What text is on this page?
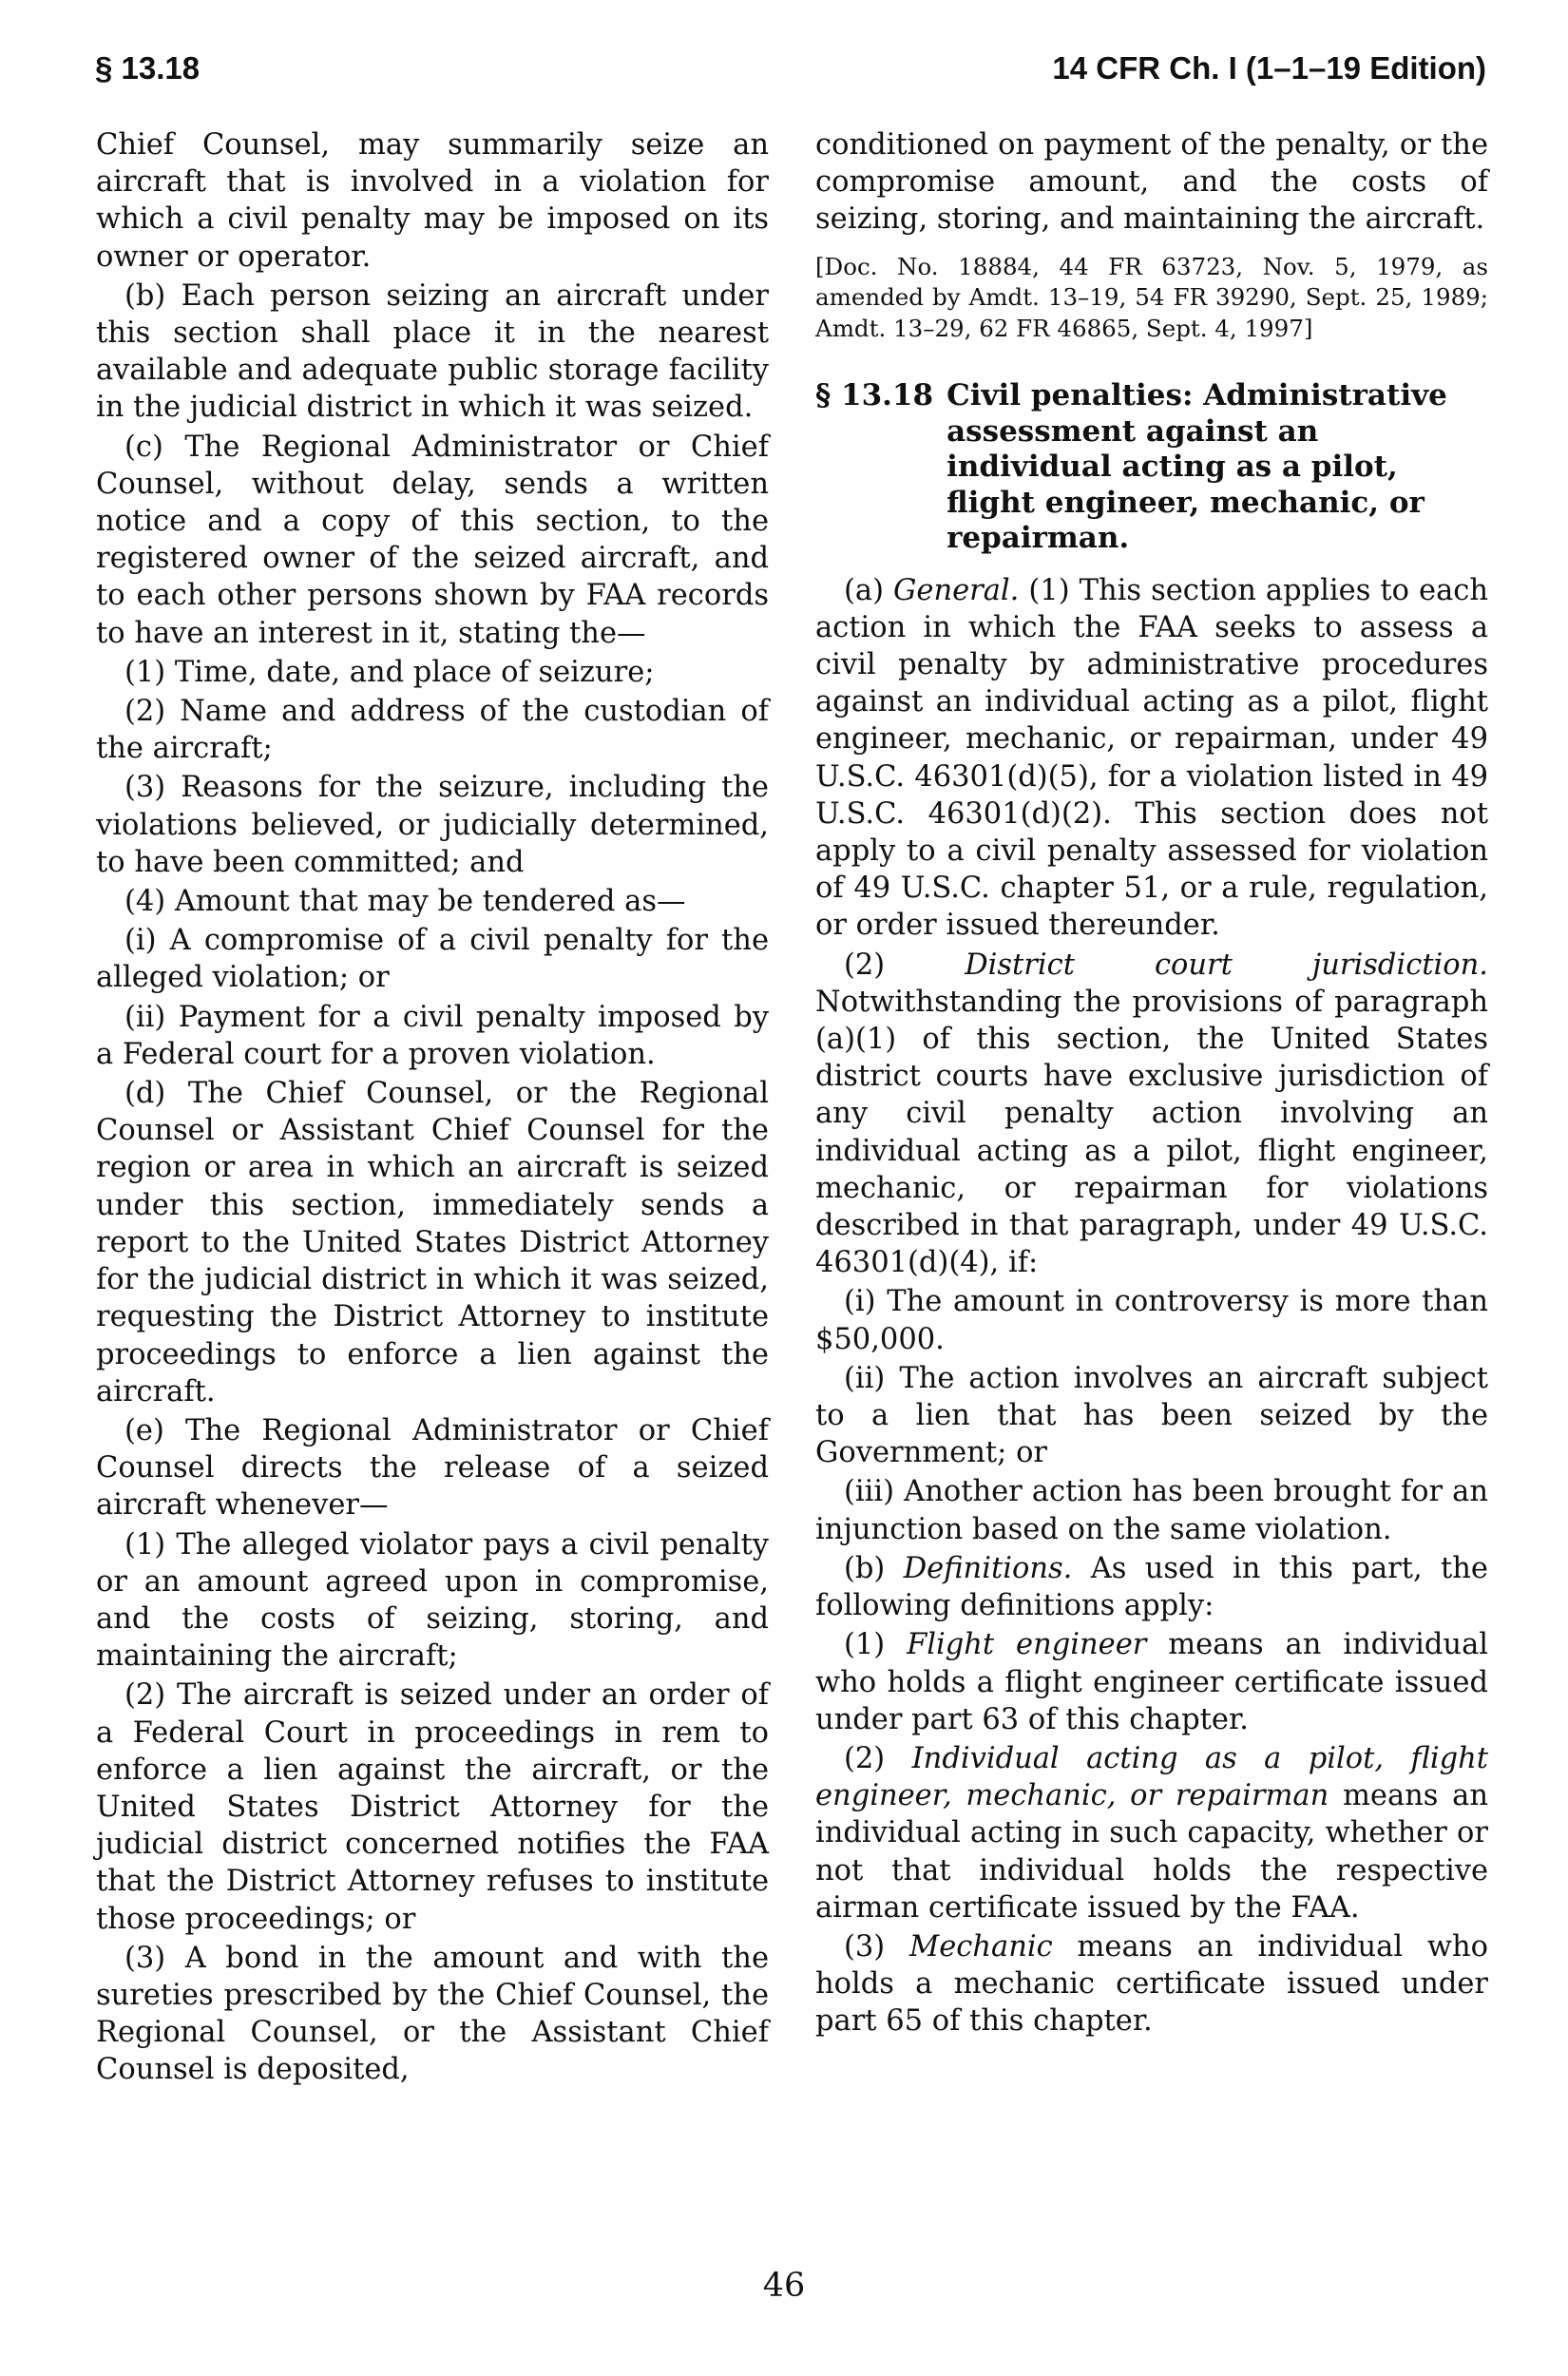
§ 13.18	14 CFR Ch. I (1–1–19 Edition)

Chief Counsel, may summarily seize an aircraft that is involved in a violation for which a civil penalty may be imposed on its owner or operator.

(b) Each person seizing an aircraft under this section shall place it in the nearest available and adequate public storage facility in the judicial district in which it was seized.

(c) The Regional Administrator or Chief Counsel, without delay, sends a written notice and a copy of this section, to the registered owner of the seized aircraft, and to each other persons shown by FAA records to have an interest in it, stating the—

(1) Time, date, and place of seizure;

(2) Name and address of the custodian of the aircraft;

(3) Reasons for the seizure, including the violations believed, or judicially determined, to have been committed; and

(4) Amount that may be tendered as—

(i) A compromise of a civil penalty for the alleged violation; or

(ii) Payment for a civil penalty imposed by a Federal court for a proven violation.

(d) The Chief Counsel, or the Regional Counsel or Assistant Chief Counsel for the region or area in which an aircraft is seized under this section, immediately sends a report to the United States District Attorney for the judicial district in which it was seized, requesting the District Attorney to institute proceedings to enforce a lien against the aircraft.

(e) The Regional Administrator or Chief Counsel directs the release of a seized aircraft whenever—

(1) The alleged violator pays a civil penalty or an amount agreed upon in compromise, and the costs of seizing, storing, and maintaining the aircraft;

(2) The aircraft is seized under an order of a Federal Court in proceedings in rem to enforce a lien against the aircraft, or the United States District Attorney for the judicial district concerned notifies the FAA that the District Attorney refuses to institute those proceedings; or

(3) A bond in the amount and with the sureties prescribed by the Chief Counsel, the Regional Counsel, or the Assistant Chief Counsel is deposited,

conditioned on payment of the penalty, or the compromise amount, and the costs of seizing, storing, and maintaining the aircraft.

[Doc. No. 18884, 44 FR 63723, Nov. 5, 1979, as amended by Amdt. 13–19, 54 FR 39290, Sept. 25, 1989; Amdt. 13–29, 62 FR 46865, Sept. 4, 1997]

§ 13.18 Civil penalties: Administrative assessment against an individual acting as a pilot, flight engineer, mechanic, or repairman.

(a) General. (1) This section applies to each action in which the FAA seeks to assess a civil penalty by administrative procedures against an individual acting as a pilot, flight engineer, mechanic, or repairman, under 49 U.S.C. 46301(d)(5), for a violation listed in 49 U.S.C. 46301(d)(2). This section does not apply to a civil penalty assessed for violation of 49 U.S.C. chapter 51, or a rule, regulation, or order issued thereunder.

(2)	District court jurisdiction. Notwithstanding the provisions of paragraph (a)(1) of this section, the United States district courts have exclusive jurisdiction of any civil penalty action involving an individual acting as a pilot, flight engineer, mechanic, or repairman for violations described in that paragraph, under 49 U.S.C. 46301(d)(4), if:

(i) The amount in controversy is more than $50,000.

(ii) The action involves an aircraft subject to a lien that has been seized by the Government; or

(iii) Another action has been brought for an injunction based on the same violation.

(b) Definitions. As used in this part, the following definitions apply:

(1) Flight engineer means an individual who holds a flight engineer certificate issued under part 63 of this chapter.

(2) Individual acting as a pilot, flight engineer, mechanic, or repairman means an individual acting in such capacity, whether or not that individual holds the respective airman certificate issued by the FAA.

(3) Mechanic means an individual who holds a mechanic certificate issued under part 65 of this chapter.

46
